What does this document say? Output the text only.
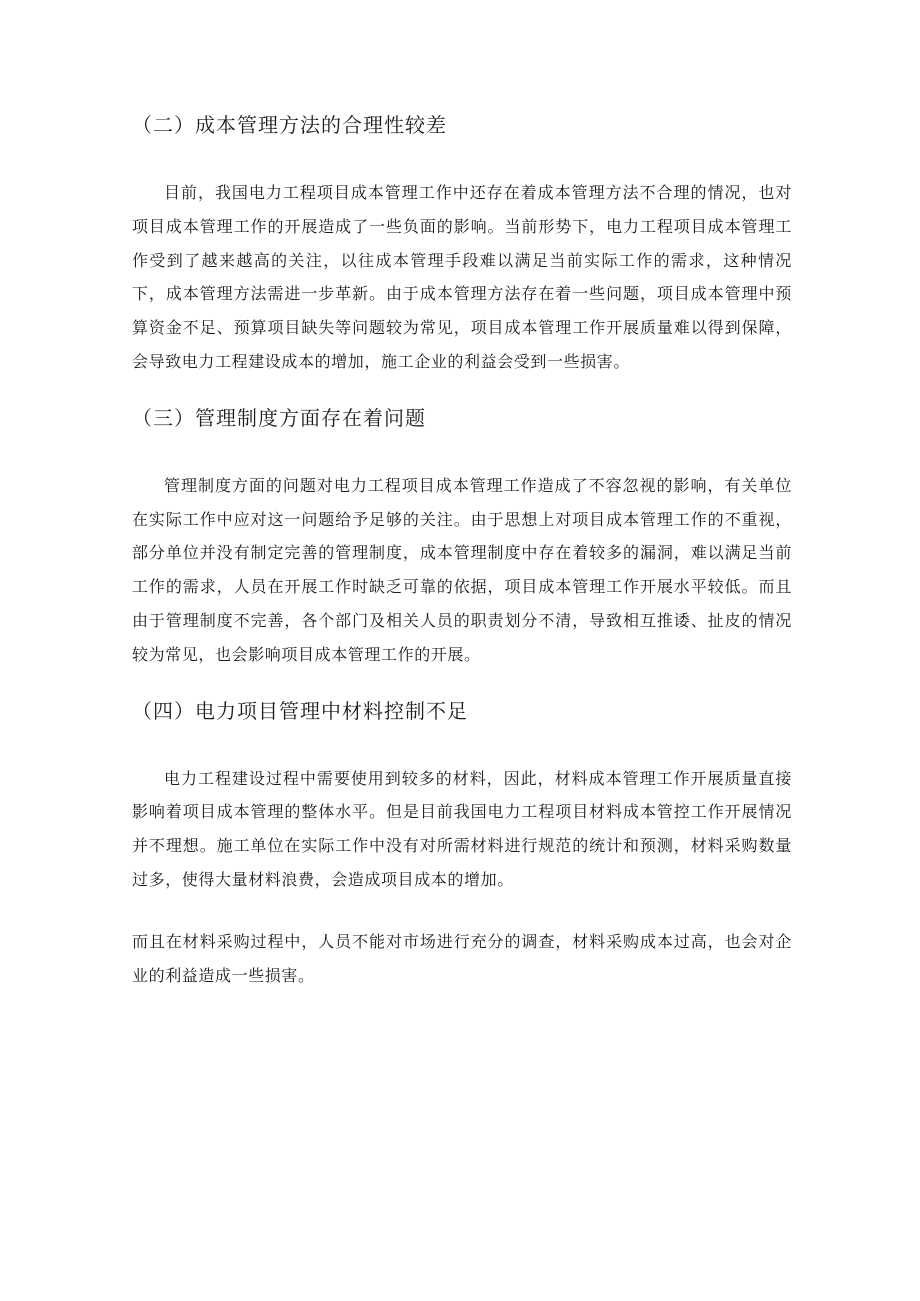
（二）成本管理方法的合理性较差

目前，我国电力工程项目成本管理工作中还存在着成本管理方法不合理的情况，也对项目成本管理工作的开展造成了一些负面的影响。当前形势下，电力工程项目成本管理工作受到了越来越高的关注，以往成本管理手段难以满足当前实际工作的需求，这种情况下，成本管理方法需进一步革新。由于成本管理方法存在着一些问题，项目成本管理中预算资金不足、预算项目缺失等问题较为常见，项目成本管理工作开展质量难以得到保障，会导致电力工程建设成本的增加，施工企业的利益会受到一些损害。

（三）管理制度方面存在着问题

管理制度方面的问题对电力工程项目成本管理工作造成了不容忽视的影响，有关单位在实际工作中应对这一问题给予足够的关注。由于思想上对项目成本管理工作的不重视，部分单位并没有制定完善的管理制度，成本管理制度中存在着较多的漏洞，难以满足当前工作的需求，人员在开展工作时缺乏可靠的依据，项目成本管理工作开展水平较低。而且由于管理制度不完善，各个部门及相关人员的职责划分不清，导致相互推诿、扯皮的情况较为常见，也会影响项目成本管理工作的开展。

（四）电力项目管理中材料控制不足

电力工程建设过程中需要使用到较多的材料，因此，材料成本管理工作开展质量直接影响着项目成本管理的整体水平。但是目前我国电力工程项目材料成本管控工作开展情况并不理想。施工单位在实际工作中没有对所需材料进行规范的统计和预测，材料采购数量过多，使得大量材料浪费，会造成项目成本的增加。

而且在材料采购过程中，人员不能对市场进行充分的调查，材料采购成本过高，也会对企业的利益造成一些损害。
